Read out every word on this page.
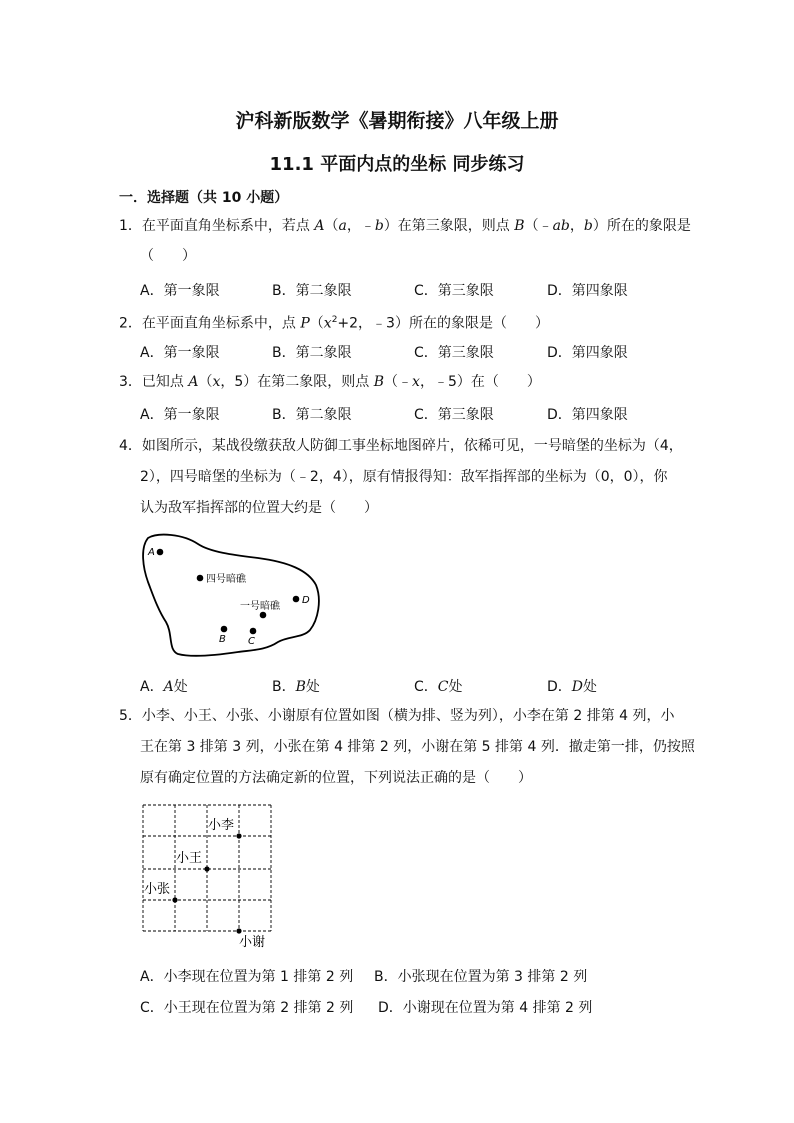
沪科新版数学《暑期衔接》八年级上册
11.1 平面内点的坐标 同步练习
一．选择题（共 10 小题）
1．在平面直角坐标系中，若点 A（a，﹣b）在第三象限，则点 B（﹣ab，b）所在的象限是
（　　）
A．第一象限	B．第二象限	C．第三象限	D．第四象限
2．在平面直角坐标系中，点 $P(x^2+2$，﹣3）所在的象限是（　　）
A．第一象限	B．第二象限	C．第三象限	D．第四象限
3．已知点 A（x，5）在第二象限，则点 B（﹣x，﹣5）在（　　）
A．第一象限	B．第二象限	C．第三象限	D．第四象限
4．如图所示，某战役缴获敌人防御工事坐标地图碎片，依稀可见，一号暗堡的坐标为（4，
2），四号暗堡的坐标为（﹣2，4），原有情报得知：敌军指挥部的坐标为（0，0），你
认为敌军指挥部的位置大约是（　　）
A
四号暗礁
一号暗礁
D
B C
A．A处	B．B处	C．C处	D．D处
5．小李、小王、小张、小谢原有位置如图（横为排、竖为列），小李在第 2 排第 4 列，小
王在第 3 排第 3 列，小张在第 4 排第 2 列，小谢在第 5 排第 4 列．撤走第一排，仍按照
原有确定位置的方法确定新的位置，下列说法正确的是（　　）
小李
小王
小张
小谢
A．小李现在位置为第 1 排第 2 列 B．小张现在位置为第 3 排第 2 列
C．小王现在位置为第 2 排第 2 列 D．小谢现在位置为第 4 排第 2 列
